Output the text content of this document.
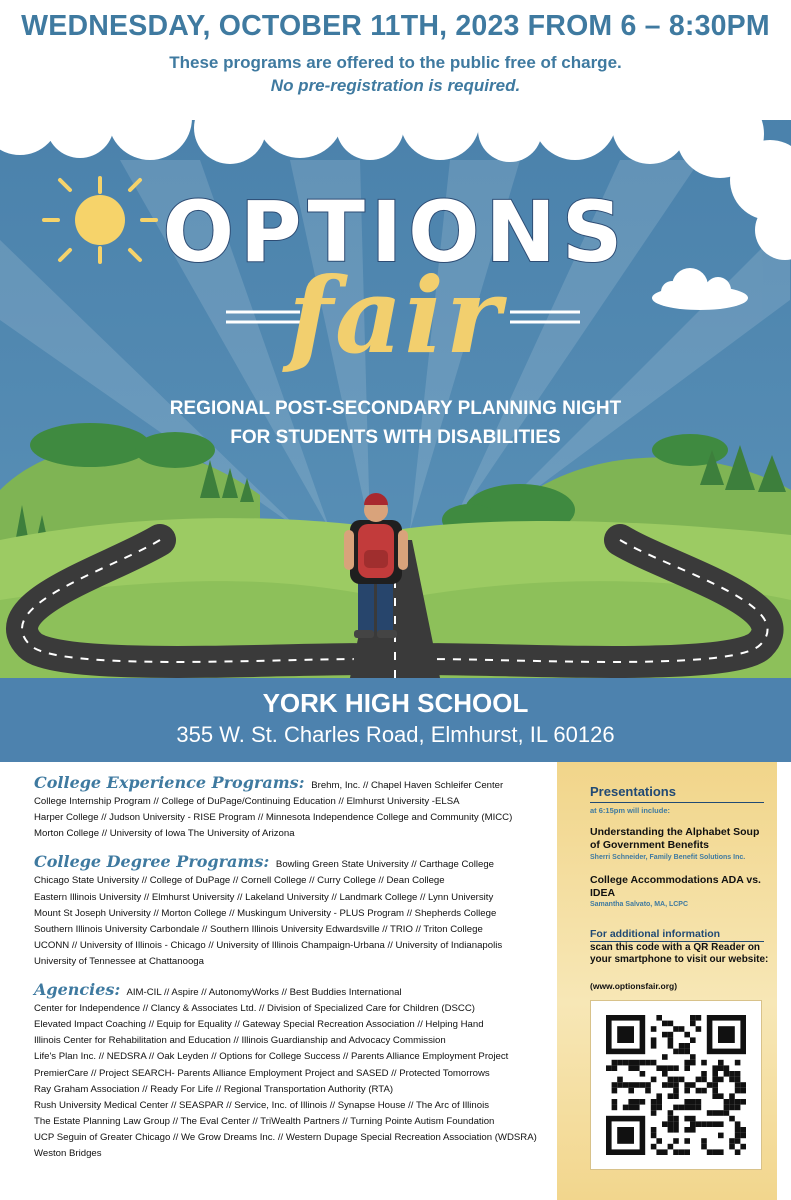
WEDNESDAY, OCTOBER 11TH, 2023 FROM 6 – 8:30PM
These programs are offered to the public free of charge.
No pre-registration is required.
OPTIONS
fair
REGIONAL POST-SECONDARY PLANNING NIGHT
FOR STUDENTS WITH DISABILITIES
YORK HIGH SCHOOL
355 W. St. Charles Road, Elmhurst, IL 60126
College Experience Programs: Brehm, Inc. // Chapel Haven Schleifer Center

College Internship Program // College of DuPage/Continuing Education // Elmhurst University -ELSA

Harper College // Judson University - RISE Program // Minnesota Independence College and Community (MICC)

Morton College // University of Iowa The University of Arizona

College Degree Programs: Bowling Green State University // Carthage College

Chicago State University // College of DuPage // Cornell College // Curry College // Dean College

Eastern Illinois University // Elmhurst University // Lakeland University // Landmark College // Lynn University

Mount St Joseph University // Morton College // Muskingum University - PLUS Program // Shepherds College

Southern Illinois University Carbondale // Southern Illinois University Edwardsville // TRIO // Triton College

UCONN // University of Illinois - Chicago // University of Illinois Champaign-Urbana // University of Indianapolis

University of Tennessee at Chattanooga

Agencies: AIM-CIL // Aspire // AutonomyWorks // Best Buddies International

Center for Independence // Clancy & Associates Ltd. // Division of Specialized Care for Children (DSCC)

Elevated Impact Coaching // Equip for Equality // Gateway Special Recreation Association // Helping Hand

Illinois Center for Rehabilitation and Education // Illinois Guardianship and Advocacy Commission

Life's Plan Inc. // NEDSRA // Oak Leyden // Options for College Success // Parents Alliance Employment Project

PremierCare // Project SEARCH- Parents Alliance Employment Project and SASED // Protected Tomorrows

Ray Graham Association // Ready For Life // Regional Transportation Authority (RTA)

Rush University Medical Center // SEASPAR // Service, Inc. of Illinois // Synapse House // The Arc of Illinois

The Estate Planning Law Group // The Eval Center // TriWealth Partners // Turning Pointe Autism Foundation

UCP Seguin of Greater Chicago // We Grow Dreams Inc. // Western Dupage Special Recreation Association (WDSRA)

Weston Bridges

Presentations
at 6:15pm will include:
Understanding the Alphabet Soup of Government Benefits
Sherri Schneider, Family Benefit Solutions Inc.
College Accommodations ADA vs. IDEA
Samantha Salvato, MA, LCPC
For additional information
scan this code with a QR Reader on your smartphone to visit our website:
(www.optionsfair.org)
